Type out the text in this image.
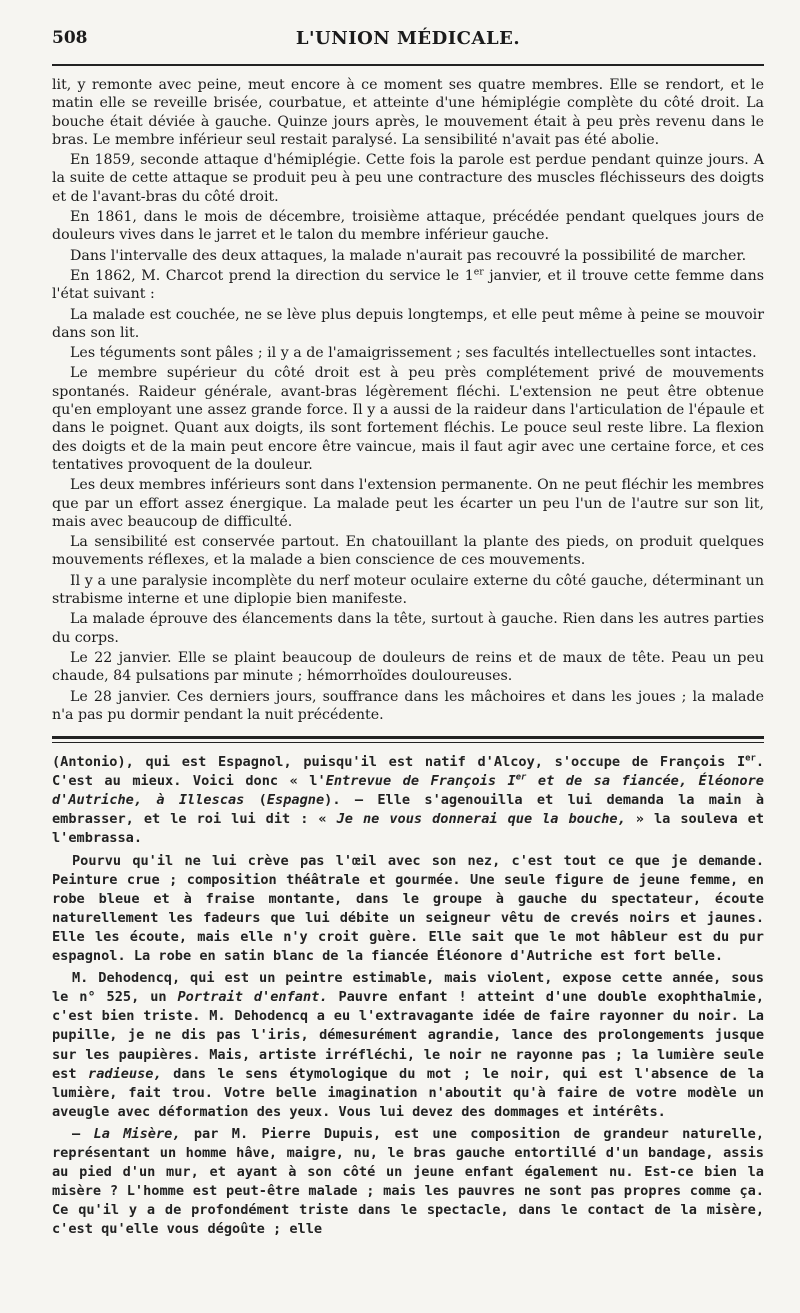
508	L'UNION MÉDICALE.

lit, y remonte avec peine, meut encore à ce moment ses quatre membres. Elle se rendort, et le matin elle se reveille brisée, courbatue, et atteinte d'une hémiplégie complète du côté droit. La bouche était déviée à gauche. Quinze jours après, le mouvement était à peu près revenu dans le bras. Le membre inférieur seul restait paralysé. La sensibilité n'avait pas été abolie.

En 1859, seconde attaque d'hémiplégie. Cette fois la parole est perdue pendant quinze jours. A la suite de cette attaque se produit peu à peu une contracture des muscles fléchisseurs des doigts et de l'avant-bras du côté droit.

En 1861, dans le mois de décembre, troisième attaque, précédée pendant quelques jours de douleurs vives dans le jarret et le talon du membre inférieur gauche.

Dans l'intervalle des deux attaques, la malade n'aurait pas recouvré la possibilité de marcher.

En 1862, M. Charcot prend la direction du service le 1er janvier, et il trouve cette femme dans l'état suivant :

La malade est couchée, ne se lève plus depuis longtemps, et elle peut même à peine se mouvoir dans son lit.

Les téguments sont pâles ; il y a de l'amaigrissement ; ses facultés intellectuelles sont intactes.

Le membre supérieur du côté droit est à peu près complétement privé de mouvements spontanés. Raideur générale, avant-bras légèrement fléchi. L'extension ne peut être obtenue qu'en employant une assez grande force. Il y a aussi de la raideur dans l'articulation de l'épaule et dans le poignet. Quant aux doigts, ils sont fortement fléchis. Le pouce seul reste libre. La flexion des doigts et de la main peut encore être vaincue, mais il faut agir avec une certaine force, et ces tentatives provoquent de la douleur.

Les deux membres inférieurs sont dans l'extension permanente. On ne peut fléchir les membres que par un effort assez énergique. La malade peut les écarter un peu l'un de l'autre sur son lit, mais avec beaucoup de difficulté.

La sensibilité est conservée partout. En chatouillant la plante des pieds, on produit quelques mouvements réflexes, et la malade a bien conscience de ces mouvements.

Il y a une paralysie incomplète du nerf moteur oculaire externe du côté gauche, déterminant un strabisme interne et une diplopie bien manifeste.

La malade éprouve des élancements dans la tête, surtout à gauche. Rien dans les autres parties du corps.

Le 22 janvier. Elle se plaint beaucoup de douleurs de reins et de maux de tête. Peau un peu chaude, 84 pulsations par minute ; hémorrhoïdes douloureuses.

Le 28 janvier. Ces derniers jours, souffrance dans les mâchoires et dans les joues ; la malade n'a pas pu dormir pendant la nuit précédente.

(Antonio), qui est Espagnol, puisqu'il est natif d'Alcoy, s'occupe de François Ier. C'est au mieux. Voici donc « l'Entrevue de François Ier et de sa fiancée, Éléonore d'Autriche, à Illescas (Espagne). — Elle s'agenouilla et lui demanda la main à embrasser, et le roi lui dit : « Je ne vous donnerai que la bouche, » la souleva et l'embrassa.

Pourvu qu'il ne lui crève pas l'œil avec son nez, c'est tout ce que je demande. Peinture crue ; composition théâtrale et gourmée. Une seule figure de jeune femme, en robe bleue et à fraise montante, dans le groupe à gauche du spectateur, écoute naturellement les fadeurs que lui débite un seigneur vêtu de crevés noirs et jaunes. Elle les écoute, mais elle n'y croit guère. Elle sait que le mot hâbleur est du pur espagnol. La robe en satin blanc de la fiancée Éléonore d'Autriche est fort belle.

M. Dehodencq, qui est un peintre estimable, mais violent, expose cette année, sous le n° 525, un Portrait d'enfant. Pauvre enfant ! atteint d'une double exophthalmie, c'est bien triste. M. Dehodencq a eu l'extravagante idée de faire rayonner du noir. La pupille, je ne dis pas l'iris, démesurément agrandie, lance des prolongements jusque sur les paupières. Mais, artiste irréfléchi, le noir ne rayonne pas ; la lumière seule est radieuse, dans le sens étymologique du mot ; le noir, qui est l'absence de la lumière, fait trou. Votre belle imagination n'aboutit qu'à faire de votre modèle un aveugle avec déformation des yeux. Vous lui devez des dommages et intérêts.

— La Misère, par M. Pierre Dupuis, est une composition de grandeur naturelle, représentant un homme hâve, maigre, nu, le bras gauche entortillé d'un bandage, assis au pied d'un mur, et ayant à son côté un jeune enfant également nu. Est-ce bien la misère ? L'homme est peut-être malade ; mais les pauvres ne sont pas propres comme ça. Ce qu'il y a de profondément triste dans le spectacle, dans le contact de la misère, c'est qu'elle vous dégoûte ; elle
